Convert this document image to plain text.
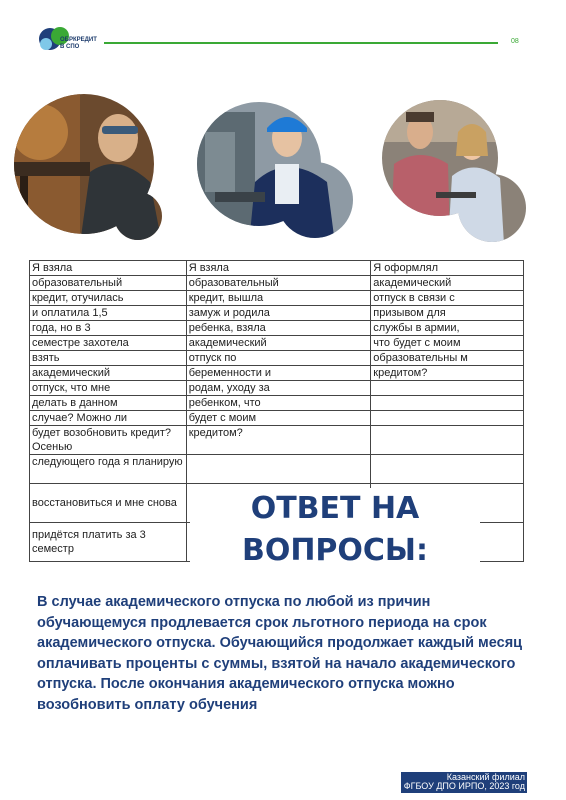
ОБРКРЕДИТ
В СПО
08
Я взяла	Я взяла	Я оформлял
образовательный	образовательный	академический
кредит, отучилась	кредит, вышла	отпуск в связи с
и оплатила 1,5	замуж и родила	призывом для
года, но в 3	ребенка, взяла	службы в армии,
семестре захотела	академический	что будет с моим
взять	отпуск по	образовательны м
академический	беременности и	кредитом?
отпуск, что мне	родам, уходу за	
делать в данном	ребенком, что	
случае? Можно ли	будет с моим	
будет возобновить кредит? Осенью	кредитом?	
следующего года я планирую		
восстановиться и мне снова		
придётся платить за 3 семестр		
ОТВЕТ НА
ВОПРОСЫ:
В случае академического отпуска по любой из причин обучающемуся продлевается срок льготного периода на срок академического отпуска. Обучающийся продолжает каждый месяц оплачивать проценты с суммы, взятой на начало академического отпуска. После окончания академического отпуска можно возобновить оплату обучения
Казанский филиал
ФГБОУ ДПО ИРПО, 2023 год
